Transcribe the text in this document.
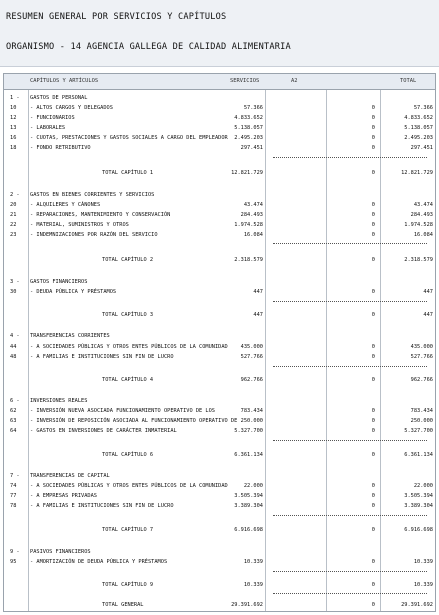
RESUMEN GENERAL POR SERVICIOS Y CAPÍTULOS
ORGANISMO - 14 AGENCIA GALLEGA DE CALIDAD ALIMENTARIA
CAPÍTULOS Y ARTÍCULOS	SERVICIOS	A2	TOTAL
1 - GASTOS DE PERSONAL
10	- ALTOS CARGOS Y DELEGADOS	57.366	0	57.366
12	- FUNCIONARIOS	4.833.652	0	4.833.652
13	- LABORALES	5.138.057	0	5.138.057
16	- CUOTAS, PRESTACIONES Y GASTOS SOCIALES A CARGO DEL EMPLEADOR 2.495.203	0	2.495.203
18	- FONDO RETRIBUTIVO	297.451	0	297.451
TOTAL CAPÍTULO 1	12.821.729	0	12.821.729
2 - GASTOS EN BIENES CORRIENTES Y SERVICIOS
20	- ALQUILERES Y CÁNONES	43.474	0	43.474
21	- REPARACIONES, MANTENIMIENTO Y CONSERVACIÓN	284.493	0	284.493
22	- MATERIAL, SUMINISTROS Y OTROS	1.974.528	0	1.974.528
23	- INDEMNIZACIONES POR RAZÓN DEL SERVICIO	16.084	0	16.084
TOTAL CAPÍTULO 2	2.318.579	0	2.318.579
3 - GASTOS FINANCIEROS
30	- DEUDA PÚBLICA Y PRÉSTAMOS	447	0	447
TOTAL CAPÍTULO 3	447	0	447
4 - TRANSFERENCIAS CORRIENTES
44	- A SOCIEDADES PÚBLICAS Y OTROS ENTES PÚBLICOS DE LA COMUNIDAD 435.000	0	435.000
48	- A FAMILIAS E INSTITUCIONES SIN FIN DE LUCRO	527.766	0	527.766
TOTAL CAPÍTULO 4	962.766	0	962.766
6 - INVERSIONES REALES
62	- INVERSIÓN NUEVA ASOCIADA FUNCIONAMIENTO OPERATIVO DE LOS	783.434	0	783.434
63	- INVERSIÓN DE REPOSICIÓN ASOCIADA AL FUNCIONAMIENTO OPERATIVO DE 250.000	0	250.000
64	- GASTOS EN INVERSIONES DE CARÁCTER INMATERIAL	5.327.700	0	5.327.700
TOTAL CAPÍTULO 6	6.361.134	0	6.361.134
7 - TRANSFERENCIAS DE CAPITAL
74	- A SOCIEDADES PÚBLICAS Y OTROS ENTES PÚBLICOS DE LA COMUNIDAD	22.000	0	22.000
77	- A EMPRESAS PRIVADAS	3.505.394	0	3.505.394
78	- A FAMILIAS E INSTITUCIONES SIN FIN DE LUCRO	3.389.304	0	3.389.304
TOTAL CAPÍTULO 7	6.916.698	0	6.916.698
9 - PASIVOS FINANCIEROS
95	- AMORTIZACIÓN DE DEUDA PÚBLICA Y PRÉSTAMOS	10.339	0	10.339
TOTAL CAPÍTULO 9	10.339	0	10.339
TOTAL GENERAL	29.391.692	0	29.391.692
